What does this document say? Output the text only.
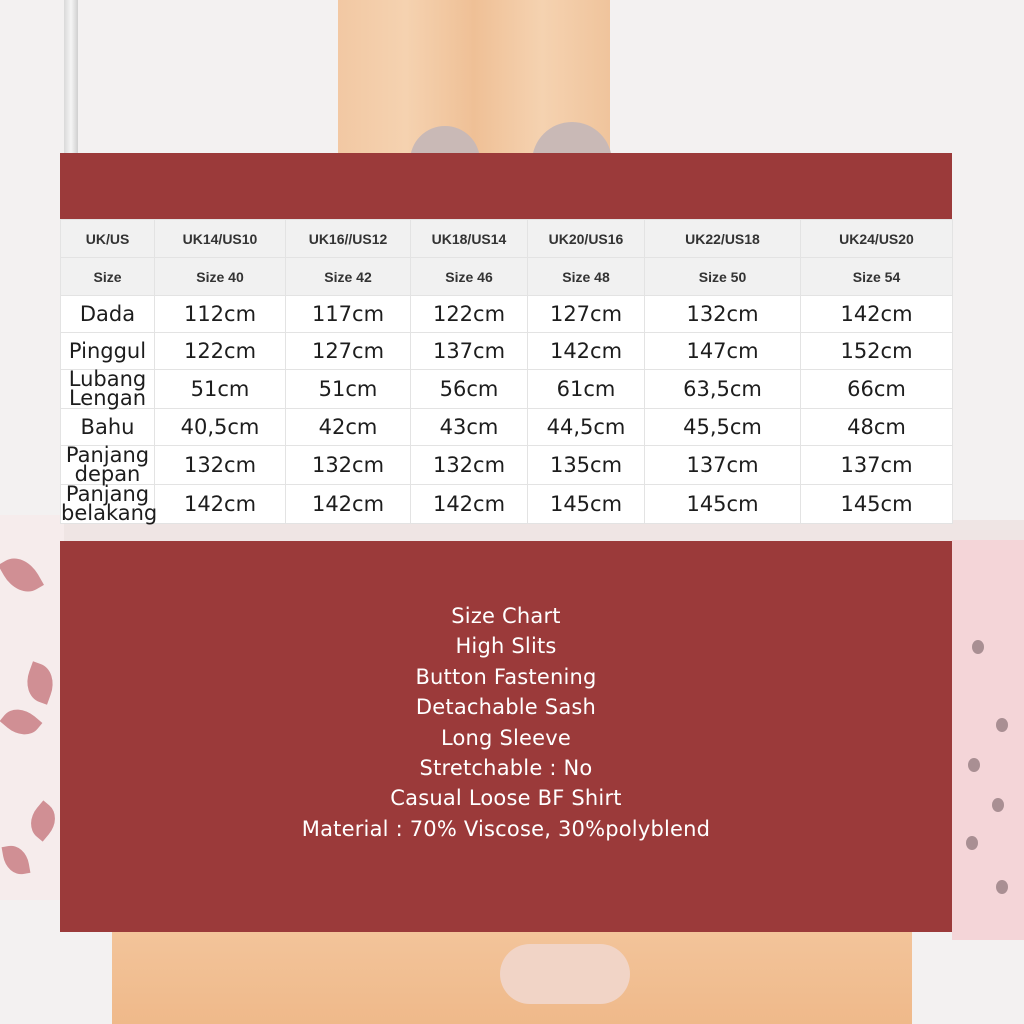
UK/US	UK14/US10	UK16//US12	UK18/US14	UK20/US16	UK22/US18	UK24/US20
Size	Size 40	Size 42	Size 46	Size 48	Size 50	Size 54
Dada	112cm	117cm	122cm	127cm	132cm	142cm
Pinggul	122cm	127cm	137cm	142cm	147cm	152cm
Lubang Lengan	51cm	51cm	56cm	61cm	63,5cm	66cm
Bahu	40,5cm	42cm	43cm	44,5cm	45,5cm	48cm
Panjang depan	132cm	132cm	132cm	135cm	137cm	137cm
Panjang belakang	142cm	142cm	142cm	145cm	145cm	145cm
Size Chart
High Slits
Button Fastening
Detachable Sash
Long Sleeve
Stretchable : No
Casual Loose BF Shirt
Material : 70% Viscose, 30%polyblend
